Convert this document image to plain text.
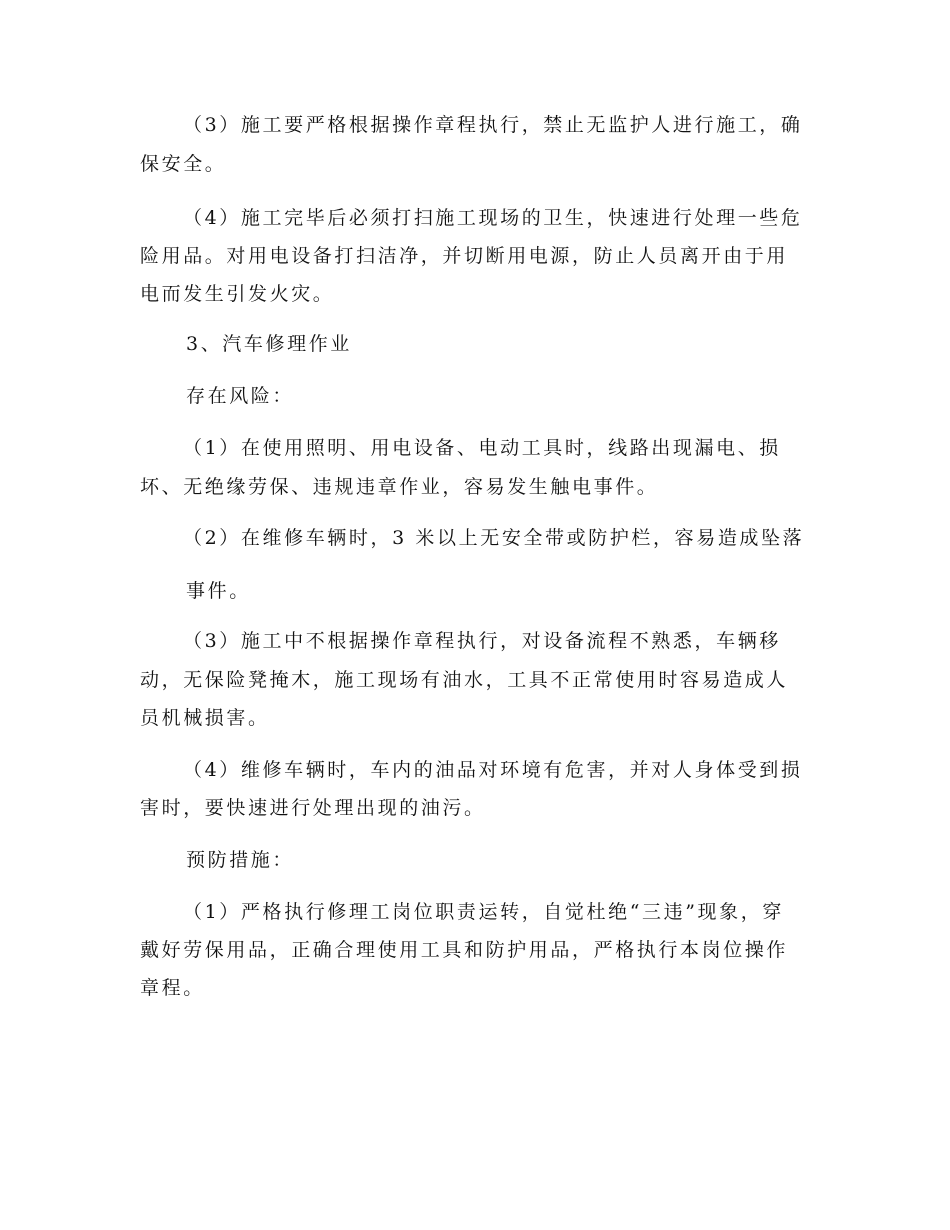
（3）施工要严格根据操作章程执行，禁止无监护人进行施工，确
保安全。
（4）施工完毕后必须打扫施工现场的卫生，快速进行处理一些危
险用品。对用电设备打扫洁净，并切断用电源，防止人员离开由于用
电而发生引发火灾。
3、汽车修理作业
存在风险：
（1）在使用照明、用电设备、电动工具时，线路出现漏电、损
坏、无绝缘劳保、违规违章作业，容易发生触电事件。
（2）在维修车辆时，3 米以上无安全带或防护栏，容易造成坠落
事件。
（3）施工中不根据操作章程执行，对设备流程不熟悉，车辆移
动，无保险凳掩木，施工现场有油水，工具不正常使用时容易造成人
员机械损害。
（4）维修车辆时，车内的油品对环境有危害，并对人身体受到损
害时，要快速进行处理出现的油污。
预防措施：
（1）严格执行修理工岗位职责运转，自觉杜绝“三违”现象，穿
戴好劳保用品，正确合理使用工具和防护用品，严格执行本岗位操作
章程。
